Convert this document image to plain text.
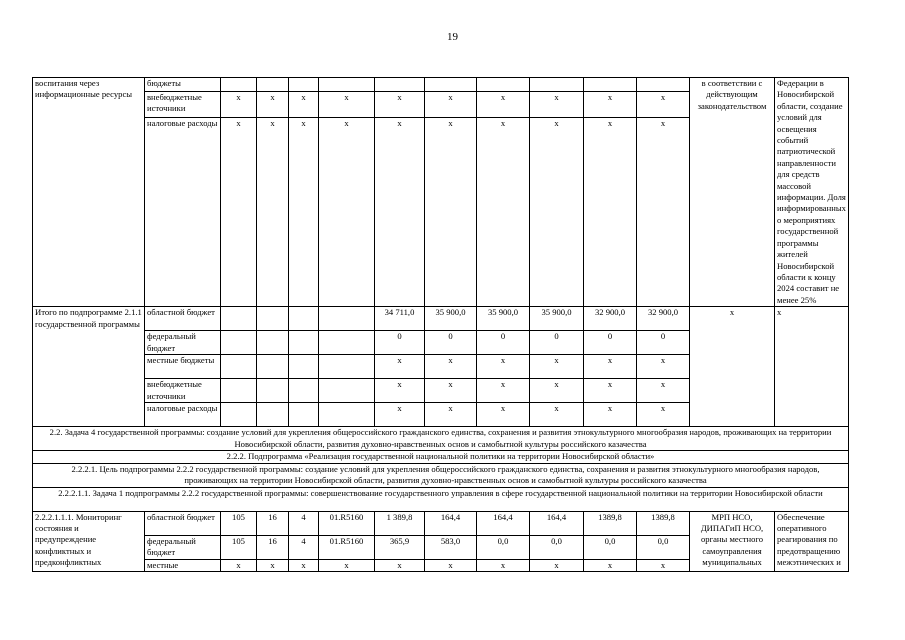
19
воспитания через информационные ресурсы	бюджеты											в соответствии с действующим законодательством	Федерации в Новосибирской области, создание условий для освещения событий патриотической направленности для средств массовой информации. Доля информированных о мероприятиях государственной программы жителей Новосибирской области к концу 2024 составит не менее 25%
	внебюджетные источники	x	x	x	x	x	x	x	x	x	x		
	налоговые расходы	x	x	x	x	x	x	x	x	x	x		
Итого по подпрограмме 2.1.1 государственной программы	областной бюджет					34 711,0	35 900,0	35 900,0	35 900,0	32 900,0	32 900,0	x	x
	федеральный бюджет					0	0	0	0	0	0		
	местные бюджеты					x	x	x	x	x	x		
	внебюджетные источники					x	x	x	x	x	x		
	налоговые расходы					x	x	x	x	x	x		
2.2. Задача 4 государственной программы: создание условий для укрепления общероссийского гражданского единства, сохранения и развития этнокультурного многообразия народов, проживающих на территории Новосибирской области, развития духовно-нравственных основ и самобытной культуры российского казачества													
2.2.2. Подпрограмма «Реализация государственной национальной политики на территории Новосибирской области»													
2.2.2.1. Цель подпрограммы 2.2.2 государственной программы: создание условий для укрепления общероссийского гражданского единства, сохранения и развития этнокультурного многообразия народов, проживающих на территории Новосибирской области, развития духовно-нравственных основ и самобытной культуры российского казачества													
2.2.2.1.1. Задача 1 подпрограммы 2.2.2 государственной программы: совершенствование государственного управления в сфере государственной национальной политики на территории Новосибирской области													
2.2.2.1.1.1. Мониторинг состояния и предупреждение конфликтных и предконфликтных	областной бюджет	105	16	4	01.R5160	1 389,8	164,4	164,4	164,4	1389,8	1389,8	МРП НСО, ДИПАГиП НСО, органы местного самоуправления муниципальных	Обеспечение оперативного реагирования по предотвращению межэтнических и
	федеральный бюджет	105	16	4	01.R5160	365,9	583,0	0,0	0,0	0,0	0,0		
	местные	x	x	x	x	x	x	x	x	x	x		
